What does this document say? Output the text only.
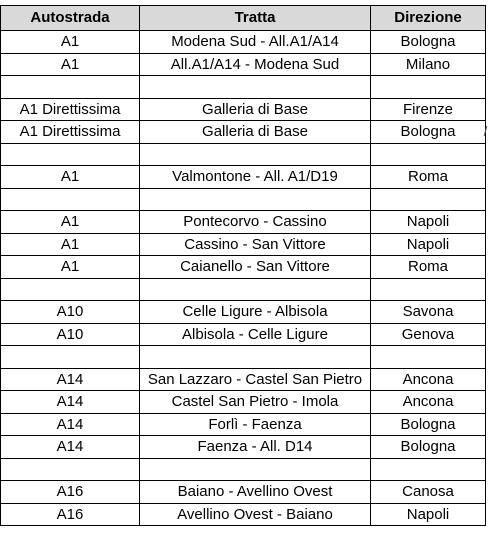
Autostrada	Tratta	Direzione
A1	Modena Sud - All.A1/A14	Bologna
A1	All.A1/A14 - Modena Sud	Milano

A1 Direttissima	Galleria di Base	Firenze
A1 Direttissima	Galleria di Base	Bologna

A1	Valmontone - All. A1/D19	Roma

A1	Pontecorvo - Cassino	Napoli
A1	Cassino - San Vittore	Napoli
A1	Caianello - San Vittore	Roma

A10	Celle Ligure - Albisola	Savona
A10	Albisola - Celle Ligure	Genova

A14	San Lazzaro - Castel San Pietro	Ancona
A14	Castel San Pietro - Imola	Ancona
A14	Forlì - Faenza	Bologna
A14	Faenza - All. D14	Bologna

A16	Baiano - Avellino Ovest	Canosa
A16	Avellino Ovest - Baiano	Napoli
